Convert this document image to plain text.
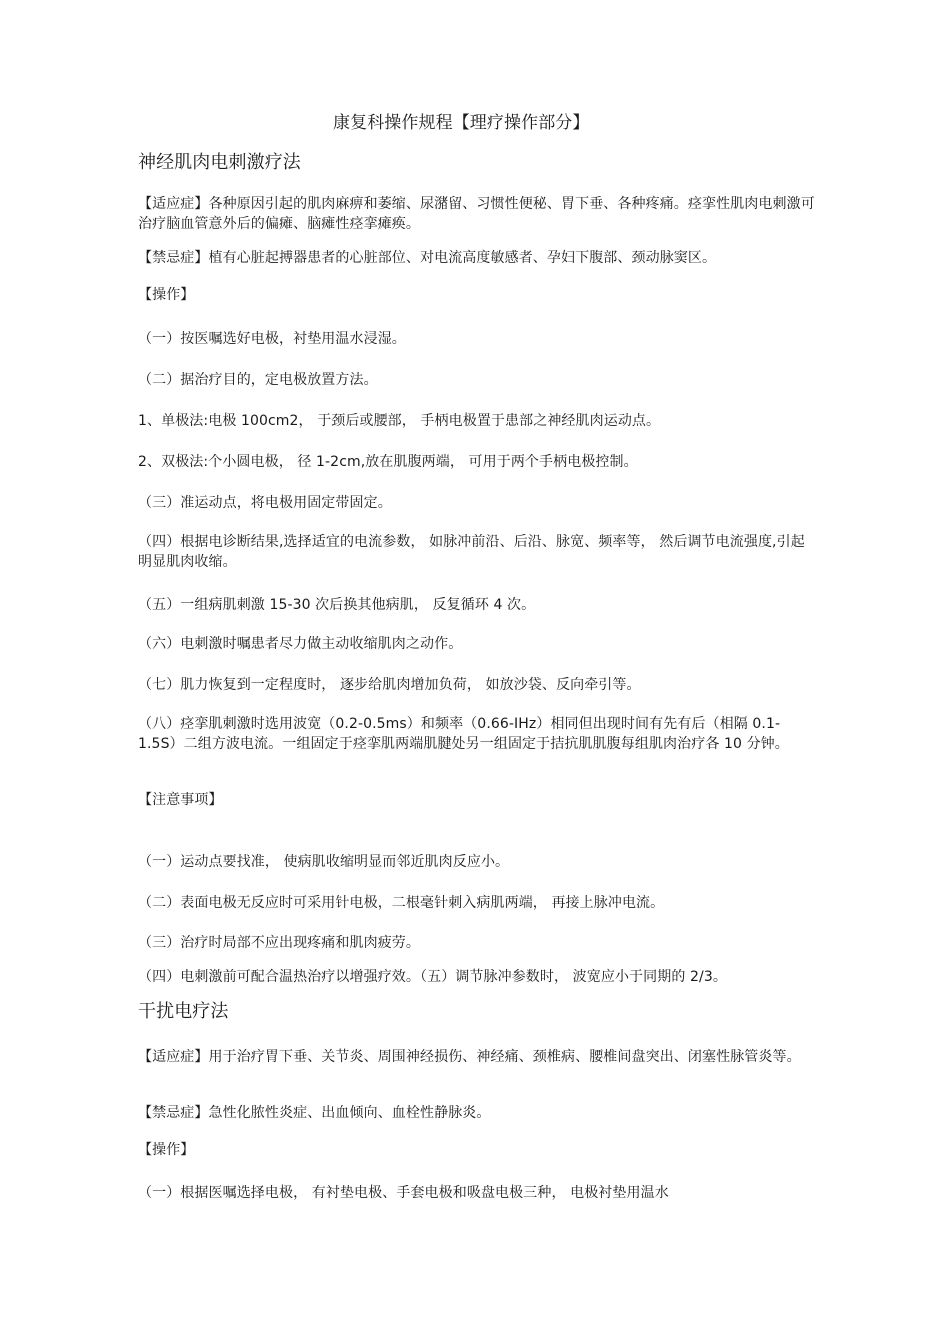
康复科操作规程【理疗操作部分】
神经肌肉电刺激疗法
【适应症】各种原因引起的肌肉麻痹和萎缩、尿潴留、习惯性便秘、胃下垂、各种疼痛。痉挛性肌肉电刺激可治疗脑血管意外后的偏瘫、脑瘫性痉挛瘫痪。
【禁忌症】植有心脏起搏器患者的心脏部位、对电流高度敏感者、孕妇下腹部、颈动脉窦区。
【操作】
（一）按医嘱选好电极，衬垫用温水浸湿。
（二）据治疗目的，定电极放置方法。
1、单极法:电极 100cm2， 于颈后或腰部， 手柄电极置于患部之神经肌肉运动点。
2、双极法:个小圆电极， 径 1-2cm,放在肌腹两端， 可用于两个手柄电极控制。
（三）准运动点，将电极用固定带固定。
（四）根据电诊断结果,选择适宜的电流参数， 如脉冲前沿、后沿、脉宽、频率等， 然后调节电流强度,引起明显肌肉收缩。
（五）一组病肌刺激 15-30 次后换其他病肌， 反复循环 4 次。
（六）电刺激时嘱患者尽力做主动收缩肌肉之动作。
（七）肌力恢复到一定程度时， 逐步给肌肉增加负荷， 如放沙袋、反向牵引等。
（八）痉挛肌刺激时选用波宽（0.2-0.5ms）和频率（0.66-IHz）相同但出现时间有先有后（相隔 0.1-1.5S）二组方波电流。一组固定于痉挛肌两端肌腱处另一组固定于拮抗肌肌腹每组肌肉治疗各 10 分钟。
【注意事项】
（一）运动点要找准， 使病肌收缩明显而邻近肌肉反应小。
（二）表面电极无反应时可采用针电极，二根毫针刺入病肌两端， 再接上脉冲电流。
（三）治疗时局部不应出现疼痛和肌肉疲劳。
（四）电刺激前可配合温热治疗以增强疗效。（五）调节脉冲参数时， 波宽应小于同期的 2/3。
干扰电疗法
【适应症】用于治疗胃下垂、关节炎、周围神经损伤、神经痛、颈椎病、腰椎间盘突出、闭塞性脉管炎等。
【禁忌症】急性化脓性炎症、出血倾向、血栓性静脉炎。
【操作】
（一）根据医嘱选择电极， 有衬垫电极、手套电极和吸盘电极三种， 电极衬垫用温水
